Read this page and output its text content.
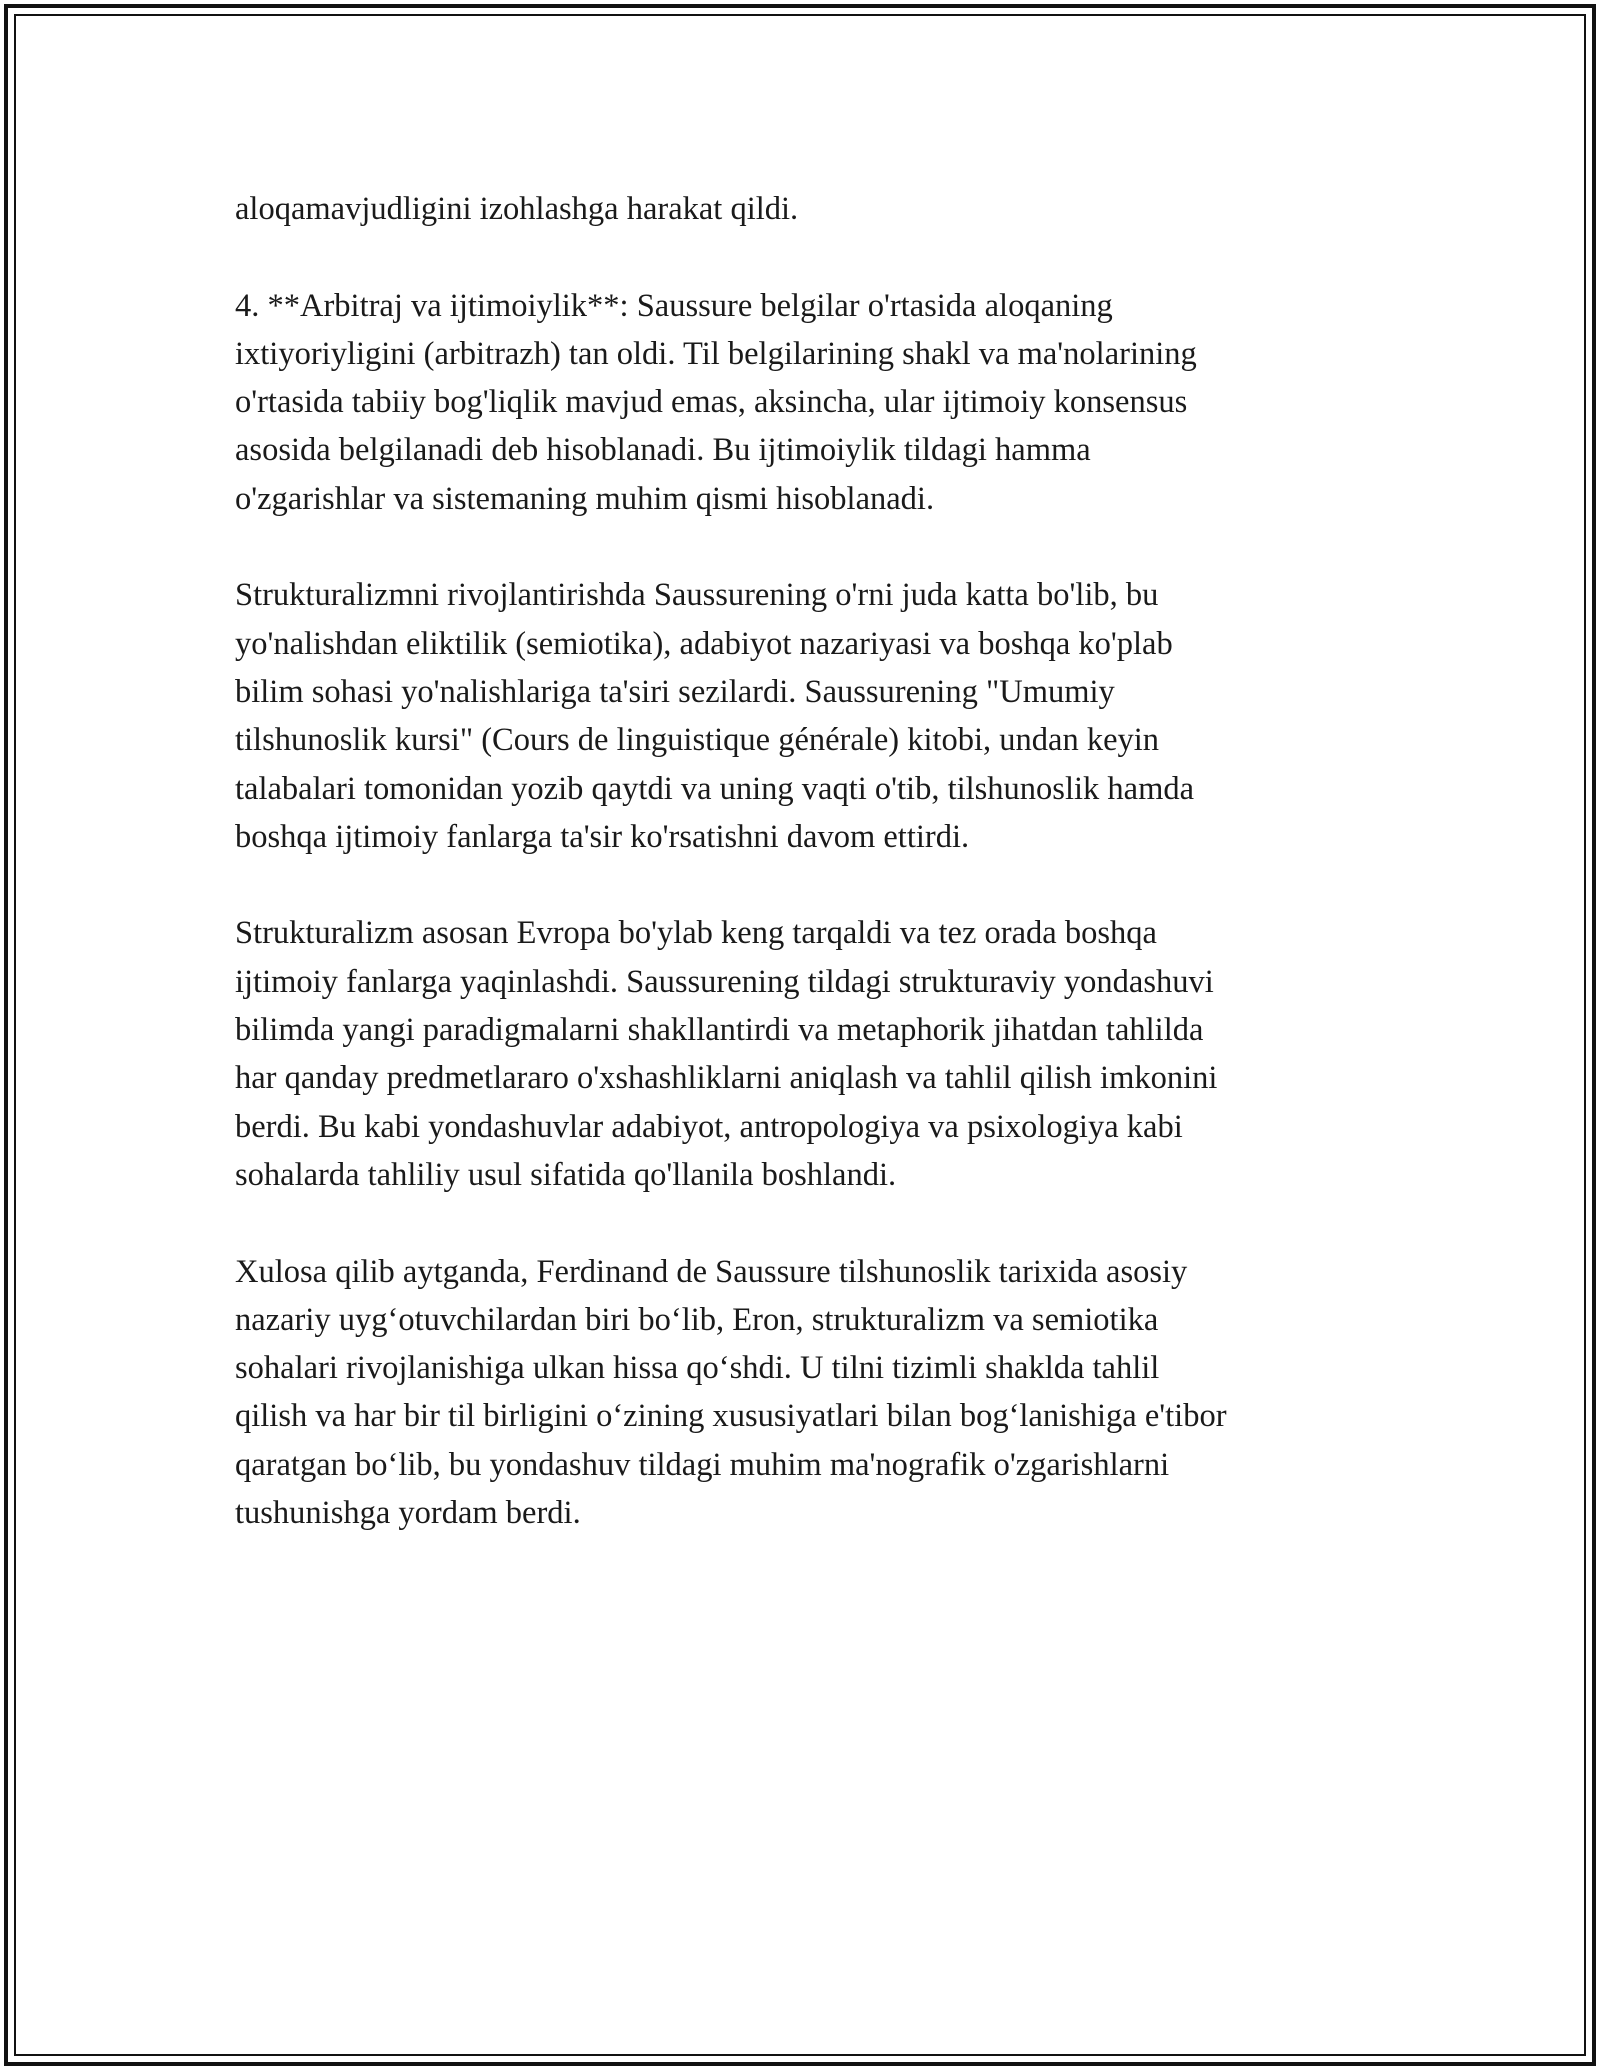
aloqamavjudligini izohlashga harakat qildi.

4. **Arbitraj va ijtimoiylik**: Saussure belgilar o'rtasida aloqaning
ixtiyoriyligini (arbitrazh) tan oldi. Til belgilarining shakl va ma'nolarining
o'rtasida tabiiy bog'liqlik mavjud emas, aksincha, ular ijtimoiy konsensus
asosida belgilanadi deb hisoblanadi. Bu ijtimoiylik tildagi hamma
o'zgarishlar va sistemaning muhim qismi hisoblanadi.

Strukturalizmni rivojlantirishda Saussurening o'rni juda katta bo'lib, bu
yo'nalishdan eliktilik (semiotika), adabiyot nazariyasi va boshqa ko'plab
bilim sohasi yo'nalishlariga ta'siri sezilardi. Saussurening "Umumiy
tilshunoslik kursi" (Cours de linguistique générale) kitobi, undan keyin
talabalari tomonidan yozib qaytdi va uning vaqti o'tib, tilshunoslik hamda
boshqa ijtimoiy fanlarga ta'sir ko'rsatishni davom ettirdi.

Strukturalizm asosan Evropa bo'ylab keng tarqaldi va tez orada boshqa
ijtimoiy fanlarga yaqinlashdi. Saussurening tildagi strukturaviy yondashuvi
bilimda yangi paradigmalarni shakllantirdi va metaphorik jihatdan tahlilda
har qanday predmetlararo o'xshashliklarni aniqlash va tahlil qilish imkonini
berdi. Bu kabi yondashuvlar adabiyot, antropologiya va psixologiya kabi
sohalarda tahliliy usul sifatida qo'llanila boshlandi.

Xulosa qilib aytganda, Ferdinand de Saussure tilshunoslik tarixida asosiy
nazariy uyg‘otuvchilardan biri bo‘lib, Eron, strukturalizm va semiotika
sohalari rivojlanishiga ulkan hissa qo‘shdi. U tilni tizimli shaklda tahlil
qilish va har bir til birligini o‘zining xususiyatlari bilan bog‘lanishiga e'tibor
qaratgan bo‘lib, bu yondashuv tildagi muhim ma'nografik o'zgarishlarni
tushunishga yordam berdi.
